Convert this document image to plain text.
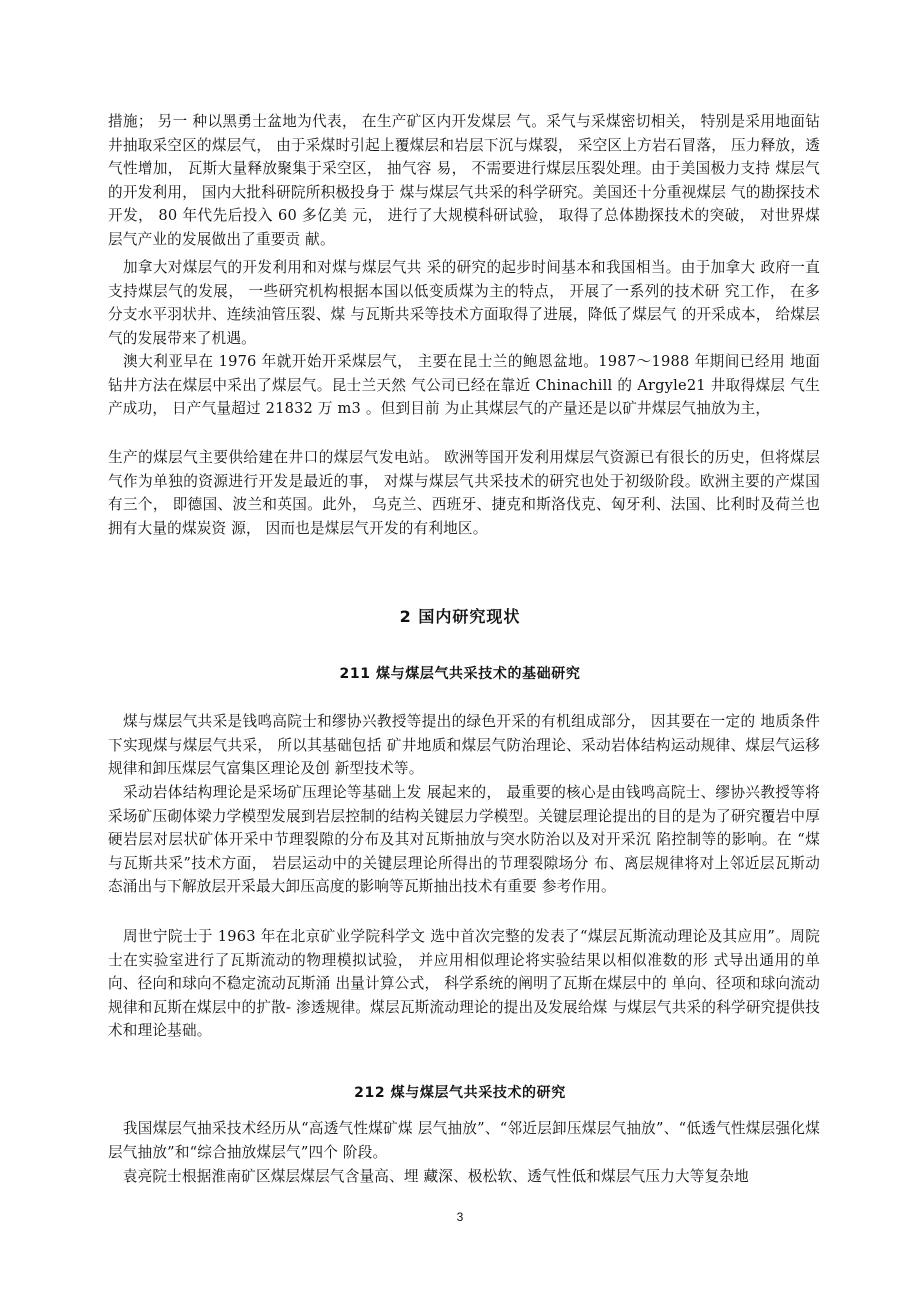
措施； 另一 种以黑勇士盆地为代表， 在生产矿区内开发煤层 气。采气与采煤密切相关， 特别是采用地面钻井抽取采空区的煤层气， 由于采煤时引起上覆煤层和岩层下沉与煤裂， 采空区上方岩石冒落， 压力释放，透气性增加， 瓦斯大量释放聚集于采空区， 抽气容 易， 不需要进行煤层压裂处理。由于美国极力支持 煤层气的开发利用， 国内大批科研院所积极投身于 煤与煤层气共采的科学研究。美国还十分重视煤层 气的勘探技术开发， 80 年代先后投入 60 多亿美 元， 进行了大规模科研试验， 取得了总体勘探技术的突破， 对世界煤层气产业的发展做出了重要贡 献。
　加拿大对煤层气的开发利用和对煤与煤层气共 采的研究的起步时间基本和我国相当。由于加拿大 政府一直支持煤层气的发展， 一些研究机构根据本国以低变质煤为主的特点， 开展了一系列的技术研 究工作， 在多分支水平羽状井、连续油管压裂、煤 与瓦斯共采等技术方面取得了进展，降低了煤层气 的开采成本， 给煤层气的发展带来了机遇。
　澳大利亚早在 1976 年就开始开采煤层气， 主要在昆士兰的鲍恩盆地。1987～1988 年期间已经用 地面钻井方法在煤层中采出了煤层气。昆士兰天然 气公司已经在靠近 Chinachill 的 Argyle21 井取得煤层 气生产成功， 日产气量超过 21832 万 m3 。但到目前 为止其煤层气的产量还是以矿井煤层气抽放为主，
生产的煤层气主要供给建在井口的煤层气发电站。 欧洲等国开发利用煤层气资源已有很长的历史，但将煤层气作为单独的资源进行开发是最近的事， 对煤与煤层气共采技术的研究也处于初级阶段。欧洲主要的产煤国有三个， 即德国、波兰和英国。此外， 乌克兰、西班牙、捷克和斯洛伐克、匈牙利、法国、比利时及荷兰也拥有大量的煤炭资 源， 因而也是煤层气开发的有利地区。
2 国内研究现状
211 煤与煤层气共采技术的基础研究
　煤与煤层气共采是钱鸣高院士和缪协兴教授等提出的绿色开采的有机组成部分， 因其要在一定的 地质条件下实现煤与煤层气共采， 所以其基础包括 矿井地质和煤层气防治理论、采动岩体结构运动规律、煤层气运移规律和卸压煤层气富集区理论及创 新型技术等。
　采动岩体结构理论是采场矿压理论等基础上发 展起来的， 最重要的核心是由钱鸣高院士、缪协兴教授等将采场矿压砌体梁力学模型发展到岩层控制的结构关键层力学模型。关键层理论提出的目的是为了研究覆岩中厚硬岩层对层状矿体开采中节理裂隙的分布及其对瓦斯抽放与突水防治以及对开采沉 陷控制等的影响。在 “煤与瓦斯共采”技术方面， 岩层运动中的关键层理论所得出的节理裂隙场分 布、离层规律将对上邻近层瓦斯动态涌出与下解放层开采最大卸压高度的影响等瓦斯抽出技术有重要 参考作用。
　周世宁院士于 1963 年在北京矿业学院科学文 选中首次完整的发表了“煤层瓦斯流动理论及其应用”。周院士在实验室进行了瓦斯流动的物理模拟试验， 并应用相似理论将实验结果以相似准数的形 式导出通用的单向、径向和球向不稳定流动瓦斯涌 出量计算公式， 科学系统的阐明了瓦斯在煤层中的 单向、径项和球向流动规律和瓦斯在煤层中的扩散- 渗透规律。煤层瓦斯流动理论的提出及发展给煤 与煤层气共采的科学研究提供技术和理论基础。
212 煤与煤层气共采技术的研究
　我国煤层气抽采技术经历从“高透气性煤矿煤 层气抽放”、“邻近层卸压煤层气抽放”、“低透气性煤层强化煤层气抽放”和“综合抽放煤层气”四个 阶段。
　袁亮院士根据淮南矿区煤层煤层气含量高、埋 藏深、极松软、透气性低和煤层气压力大等复杂地
3
